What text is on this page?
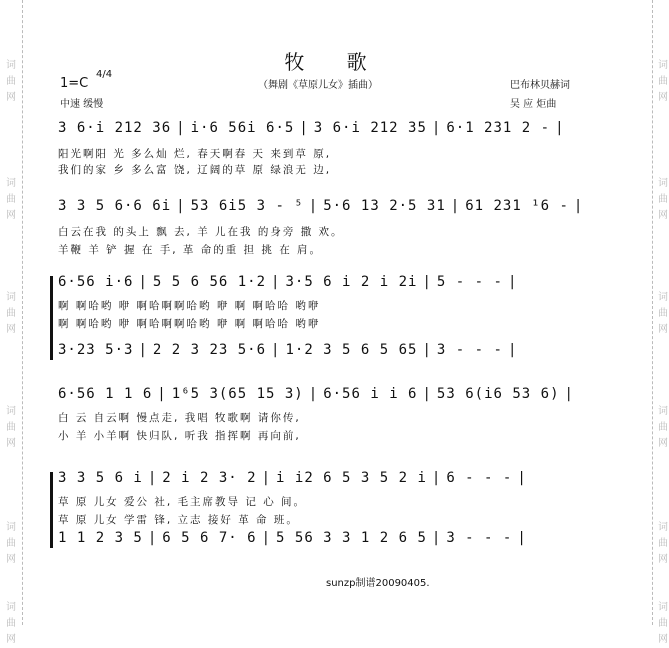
词
曲
网
词
曲
网
词
曲
网
词
曲
网
词
曲
网
词
曲
网
词
曲
网
词
曲
网
词
曲
网
词
曲
网
词
曲
网
词
曲
网
牧 歌
（舞剧《草原儿女》插曲）
1=C
4/4
中速 缓慢
巴布林贝赫词
吴 应 炬曲
3 6·i 212 36 | i·6 56i 6·5 | 3 6·i 212 35 | 6·1 231 2 - |
阳光啊阳 光 多么灿 烂, 春天啊春 天 来到草 原,
我们的家 乡 多么富 饶, 辽阔的草 原 绿浪无 边,
3 3 5 6·6 6i | 53 6i5 3 - ⁵ | 5·6 13 2·5 31 | 61 231 ¹6 - |
白云在我 的头上 飘 去, 羊 儿在我 的身旁 撒 欢。
羊鞭 羊 铲 握 在 手, 革 命的重 担 挑 在 肩。
6·56 i·6 | 5 5 6 56 1·2 | 3·5 6 i 2 i 2i | 5 - - - |
啊 啊哈哟 咿 啊哈啊啊哈哟 咿 啊 啊哈哈 哟咿
啊 啊哈哟 咿 啊哈啊啊哈哟 咿 啊 啊哈哈 哟咿
3·23 5·3 | 2 2 3 23 5·6 | 1·2 3 5 6 5 65 | 3 - - - |
6·56 1 1 6 | 1⁶5 3(65 15 3) | 6·56 i i 6 | 53 6(i6 53 6) |
白 云 自云啊 慢点走, 我唱 牧歌啊 请你传,
小 羊 小羊啊 快归队, 听我 指挥啊 再向前,
3 3 5 6 i | 2 i 2 3· 2 | i i2 6 5 3 5 2 i | 6 - - - |
草 原 儿女 爱公 社, 毛主席教导 记 心 间。
草 原 儿女 学雷 锋, 立志 接好 革 命 班。
1 1 2 3 5 | 6 5 6 7· 6 | 5 56 3 3 1 2 6 5 | 3 - - - |
sunzp制谱20090405.
